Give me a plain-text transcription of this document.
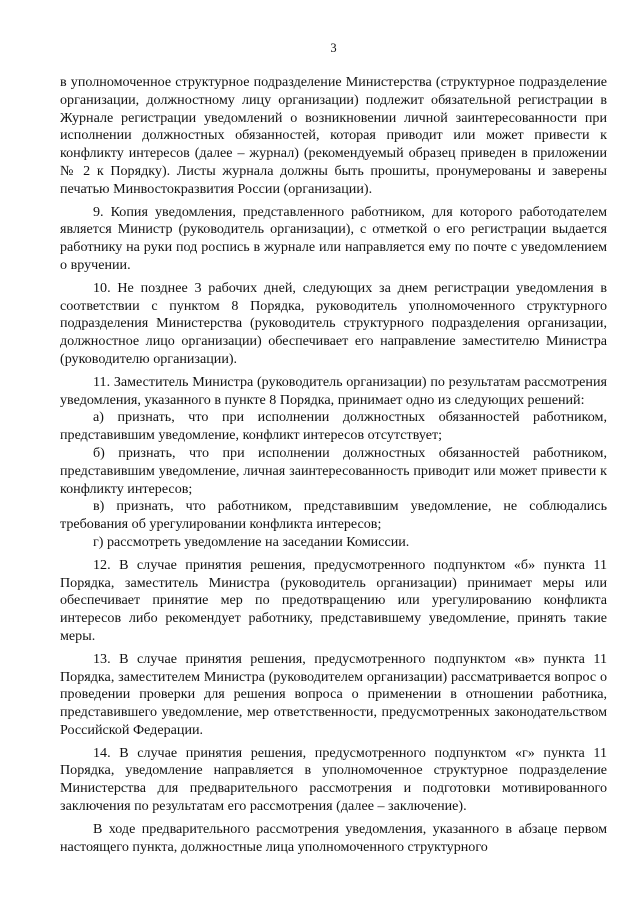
3

в уполномоченное структурное подразделение Министерства (структурное подразделение организации, должностному лицу организации) подлежит обязательной регистрации в Журнале регистрации уведомлений о возникновении личной заинтересованности при исполнении должностных обязанностей, которая приводит или может привести к конфликту интересов (далее – журнал) (рекомендуемый образец приведен в приложении № 2 к Порядку). Листы журнала должны быть прошиты, пронумерованы и заверены печатью Минвостокразвития России (организации).

9. Копия уведомления, представленного работником, для которого работодателем является Министр (руководитель организации), с отметкой о его регистрации выдается работнику на руки под роспись в журнале или направляется ему по почте с уведомлением о вручении.

10. Не позднее 3 рабочих дней, следующих за днем регистрации уведомления в соответствии с пунктом 8 Порядка, руководитель уполномоченного структурного подразделения Министерства (руководитель структурного подразделения организации, должностное лицо организации) обеспечивает его направление заместителю Министра (руководителю организации).

11. Заместитель Министра (руководитель организации) по результатам рассмотрения уведомления, указанного в пункте 8 Порядка, принимает одно из следующих решений:

а) признать, что при исполнении должностных обязанностей работником, представившим уведомление, конфликт интересов отсутствует;

б) признать, что при исполнении должностных обязанностей работником, представившим уведомление, личная заинтересованность приводит или может привести к конфликту интересов;

в) признать, что работником, представившим уведомление, не соблюдались требования об урегулировании конфликта интересов;

г) рассмотреть уведомление на заседании Комиссии.

12. В случае принятия решения, предусмотренного подпунктом «б» пункта 11 Порядка, заместитель Министра (руководитель организации) принимает меры или обеспечивает принятие мер по предотвращению или урегулированию конфликта интересов либо рекомендует работнику, представившему уведомление, принять такие меры.

13. В случае принятия решения, предусмотренного подпунктом «в» пункта 11 Порядка, заместителем Министра (руководителем организации) рассматривается вопрос о проведении проверки для решения вопроса о применении в отношении работника, представившего уведомление, мер ответственности, предусмотренных законодательством Российской Федерации.

14. В случае принятия решения, предусмотренного подпунктом «г» пункта 11 Порядка, уведомление направляется в уполномоченное структурное подразделение Министерства для предварительного рассмотрения и подготовки мотивированного заключения по результатам его рассмотрения (далее – заключение).

В ходе предварительного рассмотрения уведомления, указанного в абзаце первом настоящего пункта, должностные лица уполномоченного структурного
